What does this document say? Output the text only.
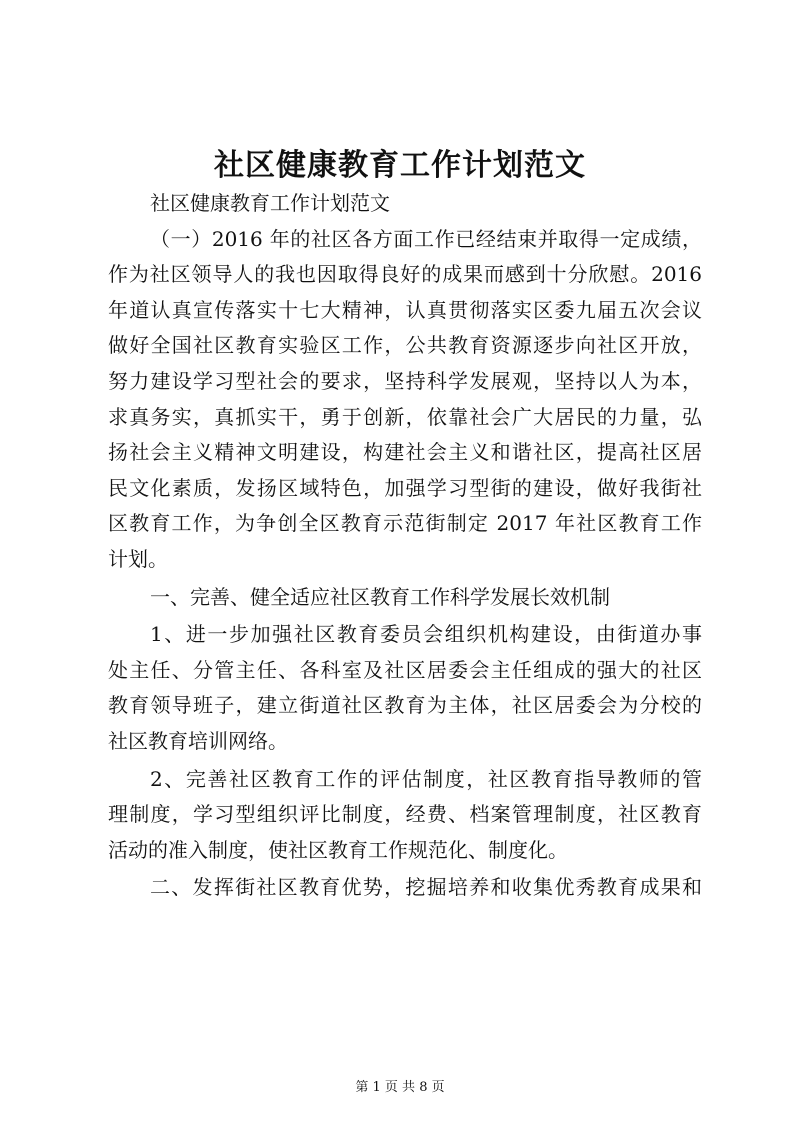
社区健康教育工作计划范文
社区健康教育工作计划范文
（一）2016 年的社区各方面工作已经结束并取得一定成绩，
作为社区领导人的我也因取得良好的成果而感到十分欣慰。2016
年道认真宣传落实十七大精神，认真贯彻落实区委九届五次会议
做好全国社区教育实验区工作，公共教育资源逐步向社区开放，
努力建设学习型社会的要求，坚持科学发展观，坚持以人为本，
求真务实，真抓实干，勇于创新，依靠社会广大居民的力量，弘
扬社会主义精神文明建设，构建社会主义和谐社区，提高社区居
民文化素质，发扬区域特色，加强学习型街的建设，做好我街社
区教育工作，为争创全区教育示范街制定 2017 年社区教育工作
计划。
一、完善、健全适应社区教育工作科学发展长效机制
1、进一步加强社区教育委员会组织机构建设，由街道办事
处主任、分管主任、各科室及社区居委会主任组成的强大的社区
教育领导班子，建立街道社区教育为主体，社区居委会为分校的
社区教育培训网络。
2、完善社区教育工作的评估制度，社区教育指导教师的管
理制度，学习型组织评比制度，经费、档案管理制度，社区教育
活动的准入制度，使社区教育工作规范化、制度化。
二、发挥街社区教育优势，挖掘培养和收集优秀教育成果和
第 1 页 共 8 页
